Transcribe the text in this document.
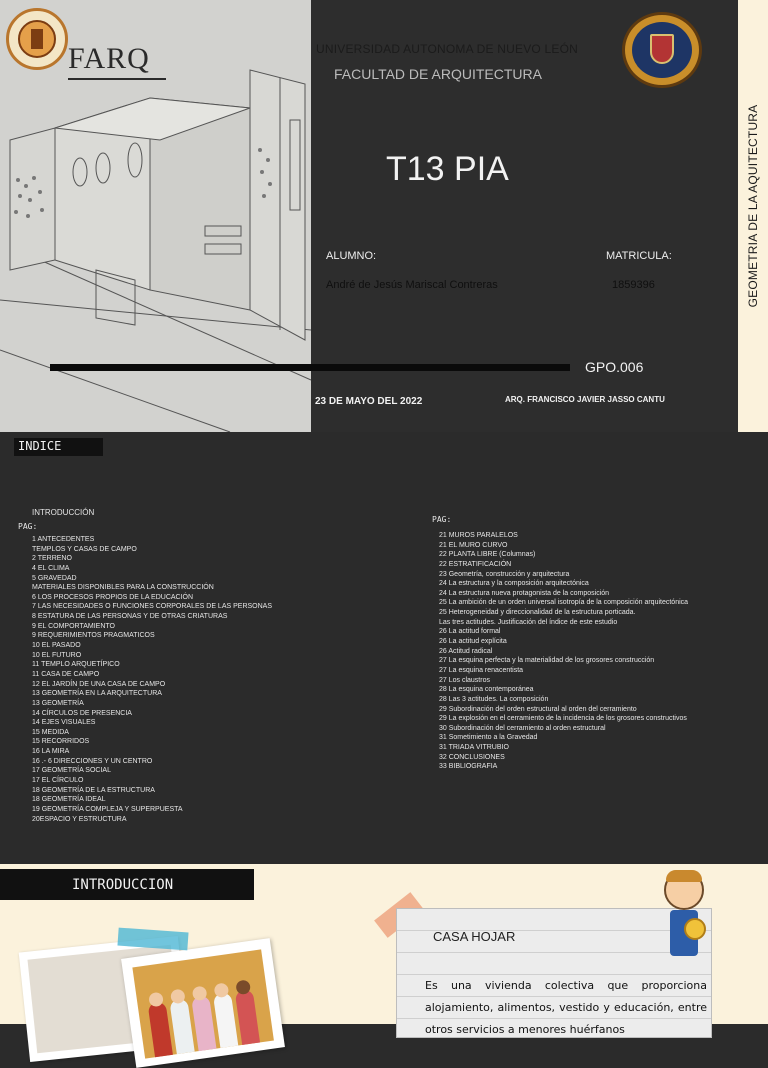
FARQ	UNIVERSIDAD AUTONOMA DE NUEVO LEÓN
FACULTAD DE ARQUITECTURA
T13 PIA
ALUMNO:	MATRICULA:
André de Jesús Mariscal Contreras	1859396
GPO.006
23 DE MAYO DEL 2022	ARQ. FRANCISCO JAVIER JASSO CANTU
GEOMETRIA DE LA AQUITECTURA
INDICE
INTRODUCCIÓN
PAG:
PAG:
1 ANTECEDENTES
TEMPLOS Y CASAS DE CAMPO
2 TERRENO
4 EL CLIMA
5 GRAVEDAD
MATERIALES DISPONIBLES PARA LA CONSTRUCCIÓN
6 LOS PROCESOS PROPIOS DE LA EDUCACIÓN
7 LAS NECESIDADES O FUNCIONES CORPORALES DE LAS PERSONAS
8 ESTATURA DE LAS PERSONAS Y DE OTRAS CRIATURAS
9 EL COMPORTAMIENTO
9 REQUERIMIENTOS PRAGMATICOS
10 EL PASADO
10 EL FUTURO
11 TEMPLO ARQUETÍPICO
11 CASA DE CAMPO
12 EL JARDÍN DE UNA CASA DE CAMPO
13 GEOMETRÍA EN LA ARQUITECTURA
13 GEOMETRÍA
14 CÍRCULOS DE PRESENCIA
14 EJES VISUALES
15 MEDIDA
15 RECORRIDOS
16 LA MIRA
16 .- 6 DIRECCIONES Y UN CENTRO
17 GEOMETRÍA SOCIAL
17 EL CÍRCULO
18 GEOMETRÍA DE LA ESTRUCTURA
18 GEOMETRÍA IDEAL
19 GEOMETRÍA COMPLEJA Y SUPERPUESTA
20ESPACIO Y ESTRUCTURA
21 MUROS PARALELOS
21 EL MURO CURVO
22 PLANTA LIBRE (Columnas)
22 ESTRATIFICACIÓN
23 Geometría, construcción y arquitectura
24 La estructura y la composición arquitectónica
24 La estructura nueva protagonista de la composición
25 La ambición de un orden universal isotropía de la composición arquitectónica
25 Heterogeneidad y direccionalidad de la estructura porticada.
Las tres actitudes. Justificación del índice de este estudio
26 La actitud formal
26 La actitud explícita
26 Actitud radical
27 La esquina perfecta y la materialidad de los grosores construcción
27 La esquina renacentista
27 Los claustros
28 La esquina contemporánea
28 Las 3 actitudes. La composición
29 Subordinación del orden estructural al orden del cerramiento
29 La explosión en el cerramiento de la incidencia de los grosores constructivos
30 Subordinación del cerramiento al orden estructural
31 Sometimiento a la Gravedad
31 TRIADA VITRUBIO
32 CONCLUSIONES
33 BIBLIOGRAFIA
INTRODUCCION
CASA HOJAR
Es una vivienda colectiva que proporciona alojamiento, alimentos, vestido y educación, entre otros servicios a menores huérfanos
